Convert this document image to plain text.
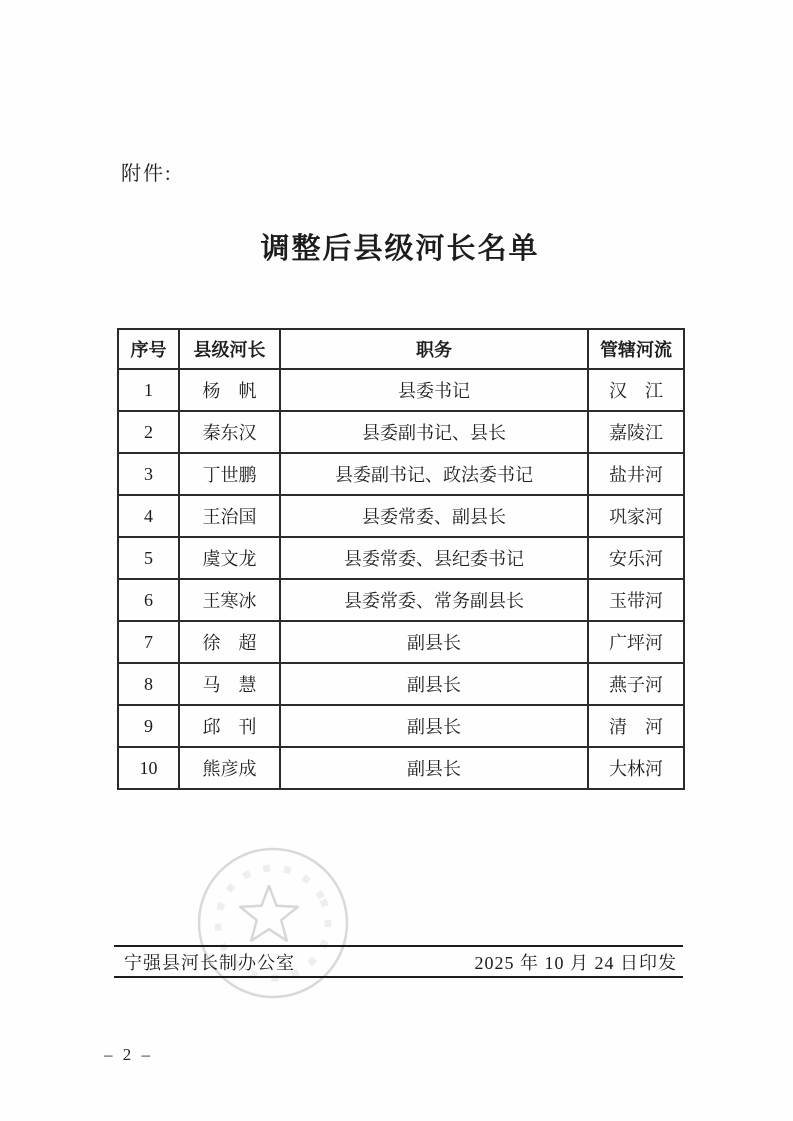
附件:
调整后县级河长名单
序号	县级河长	职务	管辖河流
1	杨　帆	县委书记	汉　江
2	秦东汉	县委副书记、县长	嘉陵江
3	丁世鹏	县委副书记、政法委书记	盐井河
4	王治国	县委常委、副县长	巩家河
5	虞文龙	县委常委、县纪委书记	安乐河
6	王寒冰	县委常委、常务副县长	玉带河
7	徐　超	副县长	广坪河
8	马　慧	副县长	燕子河
9	邱　刊	副县长	清　河
10	熊彦成	副县长	大林河
宁强县河长制办公室	2025 年 10 月 24 日印发
– 2 –
